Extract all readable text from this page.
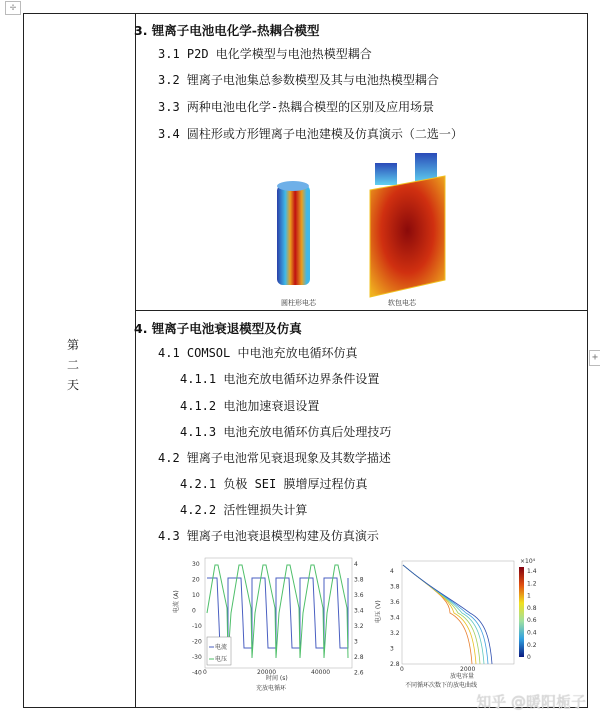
✢
+
第
二
天
3. 锂离子电池电化学-热耦合模型
3.1 P2D 电化学模型与电池热模型耦合
3.2 锂离子电池集总参数模型及其与电池热模型耦合
3.3 两种电池电化学-热耦合模型的区别及应用场景
3.4 圆柱形或方形锂离子电池建模及仿真演示（二选一）
圆柱形电芯	软包电芯
4. 锂离子电池衰退模型及仿真
4.1 COMSOL 中电池充放电循环仿真
4.1.1 电池充放电循环边界条件设置
4.1.2 电池加速衰退设置
4.1.3 电池充放电循环仿真后处理技巧
4.2 锂离子电池常见衰退现象及其数学描述
4.2.1 负极 SEI 膜增厚过程仿真
4.2.2 活性锂损失计算
4.3 锂离子电池衰退模型构建及仿真演示
30
20
10
0
-10
-20
-30
-40
4
3.8
3.6
3.4
3.2
3
2.8
2.6
0	20000	40000
电流
电压
电流 (A)
时间 (s)
充放电循环
4
3.8
3.6
3.4
3.2
3
2.8
0	2000
1.4
1.2
1
0.8
0.6
0.4
0.2
0
电压 (V)
放电容量
不同循环次数下的放电曲线
×10⁴
知乎 @暖阳栀子
